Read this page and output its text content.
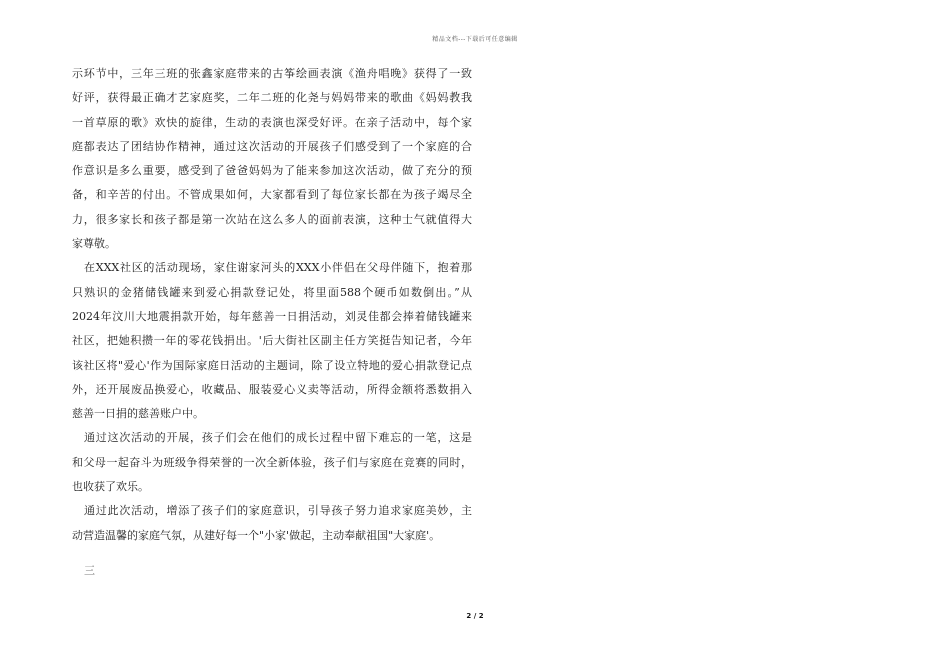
精品文档---下载后可任意编辑
示环节中，三年三班的张鑫家庭带来的古筝绘画表演《渔舟唱晚》获得了一致
好评，获得最正确才艺家庭奖，二年二班的化尧与妈妈带来的歌曲《妈妈教我
一首草原的歌》欢快的旋律，生动的表演也深受好评。在亲子活动中，每个家
庭都表达了团结协作精神，通过这次活动的开展孩子们感受到了一个家庭的合
作意识是多么重要，感受到了爸爸妈妈为了能来参加这次活动，做了充分的预
备，和辛苦的付出。不管成果如何，大家都看到了每位家长都在为孩子竭尽全
力，很多家长和孩子都是第一次站在这么多人的面前表演，这种士气就值得大
家尊敬。
在XXX社区的活动现场，家住谢家河头的XXX小伴侣在父母伴随下，抱着那
只熟识的金猪储钱罐来到爱心捐款登记处，将里面588个硬币如数倒出。”从
2024年汶川大地震捐款开始，每年慈善一日捐活动，刘灵佳都会捧着储钱罐来
社区，把她积攒一年的零花钱捐出。'后大街社区副主任方笑挺告知记者，今年
该社区将"爱心'作为国际家庭日活动的主题词，除了设立特地的爱心捐款登记点
外，还开展废品换爱心，收藏品、服装爱心义卖等活动，所得金额将悉数捐入
慈善一日捐的慈善账户中。
通过这次活动的开展，孩子们会在他们的成长过程中留下难忘的一笔，这是
和父母一起奋斗为班级争得荣誉的一次全新体验，孩子们与家庭在竞赛的同时，
也收获了欢乐。
通过此次活动，增添了孩子们的家庭意识，引导孩子努力追求家庭美妙，主
动营造温馨的家庭气氛，从建好每一个"小家'做起，主动奉献祖国"大家庭'。
三
2 / 2
